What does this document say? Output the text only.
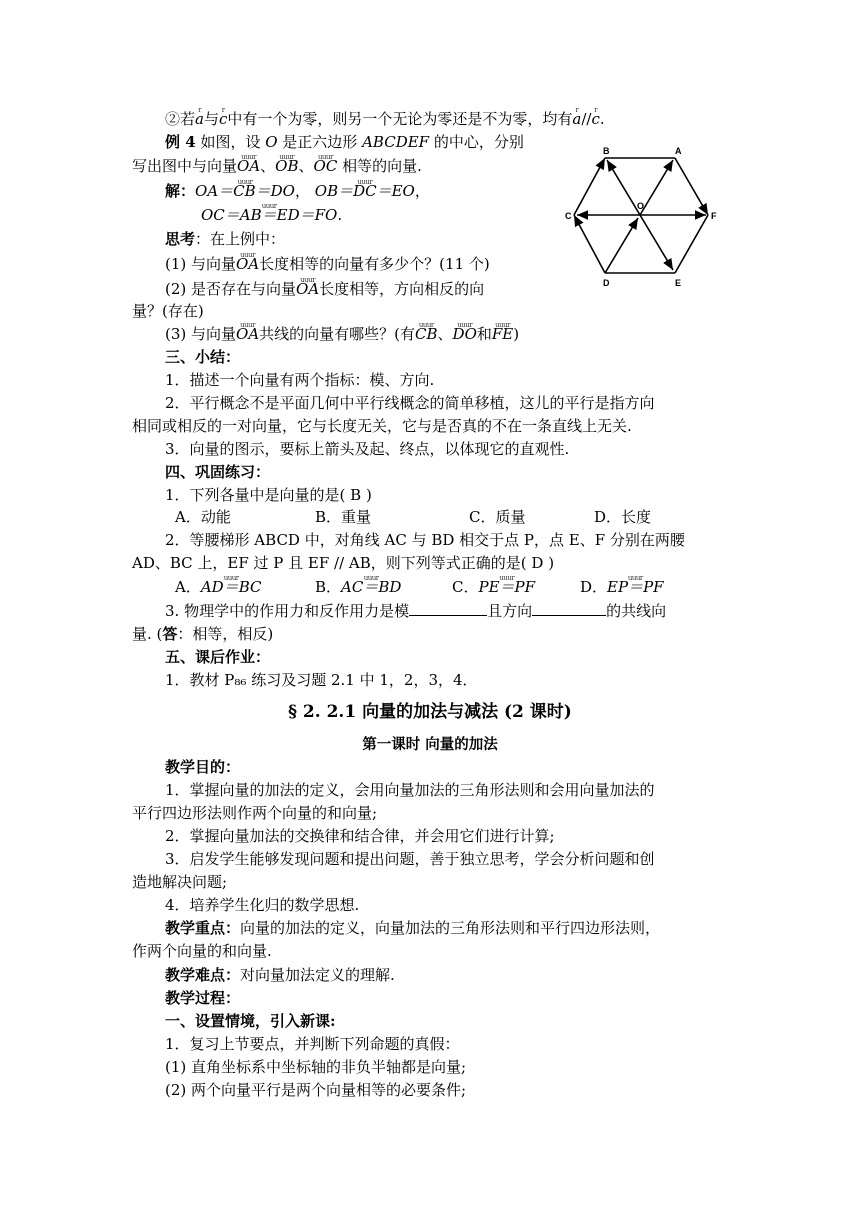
②若r a与r c中有一个为零，则另一个无论为零还是不为零，均有r a//r c.
例 4 如图，设 O 是正六边形 ABCDEF 的中心，分别
写出图中与向量uuur OA、uuur OB、uuur OC 相等的向量.
解：uuur OA＝CB＝DO， uuur OB＝DC＝EO，
uuur OC＝AB＝ED＝FO.
思考：在上例中：
(1) 与向量uuur OA长度相等的向量有多少个？(11 个)
(2) 是否存在与向量uuur OA长度相等，方向相反的向
量？(存在)
(3) 与向量uuur OA共线的向量有哪些？(有uuur CB、uuur DO和uuur FE)
A
B
C
D	E
F
O
三、小结：
1．描述一个向量有两个指标：模、方向.
2．平行概念不是平面几何中平行线概念的简单移植，这儿的平行是指方向
相同或相反的一对向量，它与长度无关，它与是否真的不在一条直线上无关.
3．向量的图示，要标上箭头及起、终点，以体现它的直观性.
四、巩固练习：
1．下列各量中是向量的是( B )
A．动能	B．重量	C．质量	D．长度
2．等腰梯形 ABCD 中，对角线 AC 与 BD 相交于点 P，点 E、F 分别在两腰
AD、BC 上，EF 过 P 且 EF // AB，则下列等式正确的是( D )
A．uuur AD＝BC	B．uuur AC＝BD	C．uuur PE＝PF	D．uuur EP＝PF
3. 物理学中的作用力和反作用力是模	且方向	的共线向
量. (答：相等，相反)
五、课后作业：
1．教材 P₈₆ 练习及习题 2.1 中 1，2，3，4．
§ 2. 2.1 向量的加法与减法 (2 课时)
第一课时 向量的加法
教学目的：
1．掌握向量的加法的定义，会用向量加法的三角形法则和会用向量加法的
平行四边形法则作两个向量的和向量;
2．掌握向量加法的交换律和结合律，并会用它们进行计算;
3．启发学生能够发现问题和提出问题，善于独立思考，学会分析问题和创
造地解决问题;
4．培养学生化归的数学思想.
教学重点：向量的加法的定义，向量加法的三角形法则和平行四边形法则，
作两个向量的和向量.
教学难点：对向量加法定义的理解.
教学过程：
一、设置情境，引入新课:
1．复习上节要点，并判断下列命题的真假：
(1) 直角坐标系中坐标轴的非负半轴都是向量;
(2) 两个向量平行是两个向量相等的必要条件;
